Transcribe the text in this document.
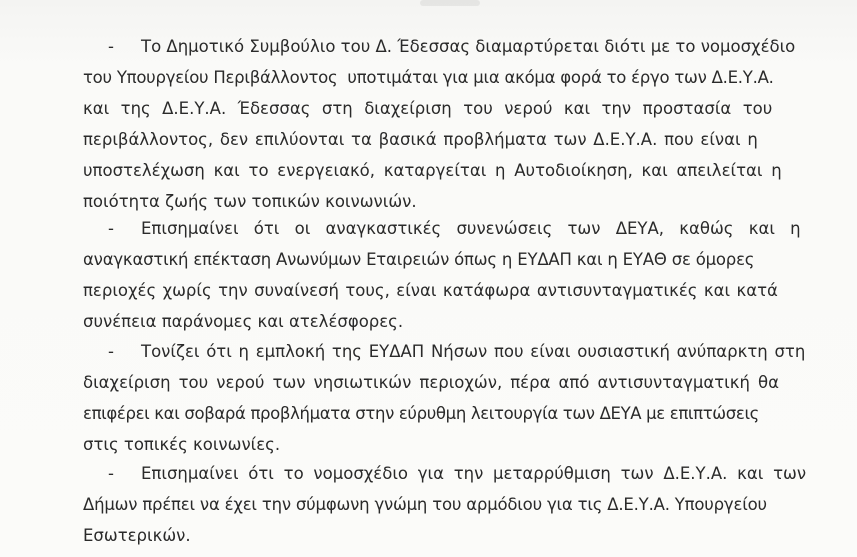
- Το Δημοτικό Συμβούλιο του Δ. Έδεσσας διαμαρτύρεται διότι με το νομοσχέδιο
του Υπουργείου Περιβάλλοντος  υποτιμάται για μια ακόμα φορά το έργο των Δ.Ε.Υ.Α.
και της Δ.Ε.Υ.Α. Έδεσσας στη διαχείριση του νερού και την προστασία του
περιβάλλοντος, δεν επιλύονται τα βασικά προβλήματα των Δ.Ε.Υ.Α. που είναι η
υποστελέχωση και το ενεργειακό, καταργείται η Αυτοδιοίκηση, και απειλείται η
ποιότητα ζωής των τοπικών κοινωνιών.
- Επισημαίνει ότι οι αναγκαστικές συνενώσεις των ΔΕΥΑ, καθώς και η
αναγκαστική επέκταση Ανωνύμων Εταιρειών όπως η ΕΥΔΑΠ και η ΕΥΑΘ σε όμορες
περιοχές χωρίς την συναίνεσή τους, είναι κατάφωρα αντισυνταγματικές και κατά
συνέπεια παράνομες και ατελέσφορες.
- Τονίζει ότι η εμπλοκή της ΕΥΔΑΠ Νήσων που είναι ουσιαστική ανύπαρκτη στη
διαχείριση του νερού των νησιωτικών περιοχών, πέρα από αντισυνταγματική θα
επιφέρει και σοβαρά προβλήματα στην εύρυθμη λειτουργία των ΔΕΥΑ με επιπτώσεις
στις τοπικές κοινωνίες.
- Επισημαίνει ότι το νομοσχέδιο για την μεταρρύθμιση των Δ.Ε.Υ.Α. και των
Δήμων πρέπει να έχει την σύμφωνη γνώμη του αρμόδιου για τις Δ.Ε.Υ.Α. Υπουργείου
Εσωτερικών.
